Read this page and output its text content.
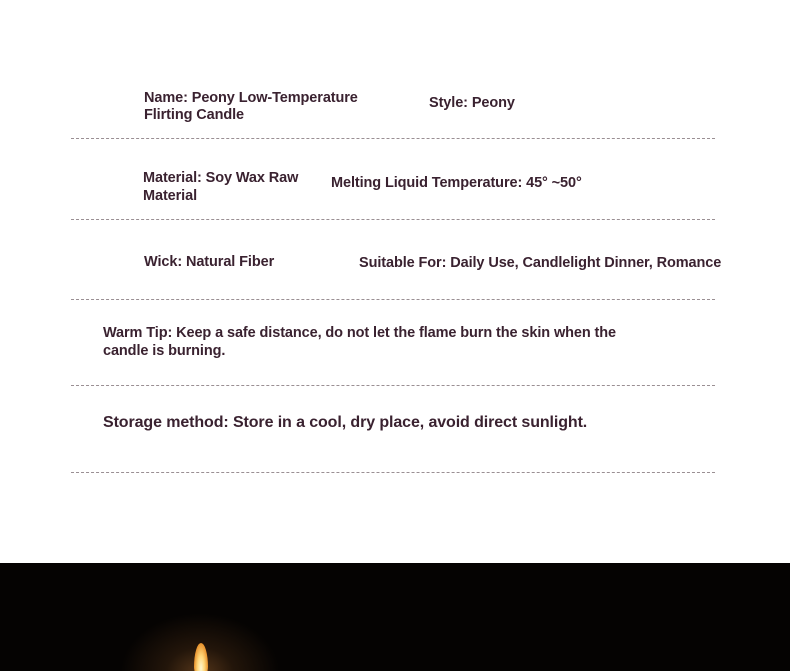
Name: Peony Low-Temperature
Flirting Candle
Style: Peony
Material: Soy Wax Raw
Material
Melting Liquid Temperature: 45° ~50°
Wick: Natural Fiber	Suitable For: Daily Use, Candlelight Dinner, Romance
Warm Tip: Keep a safe distance, do not let the flame burn the skin when the
candle is burning.
Storage method: Store in a cool, dry place, avoid direct sunlight.
